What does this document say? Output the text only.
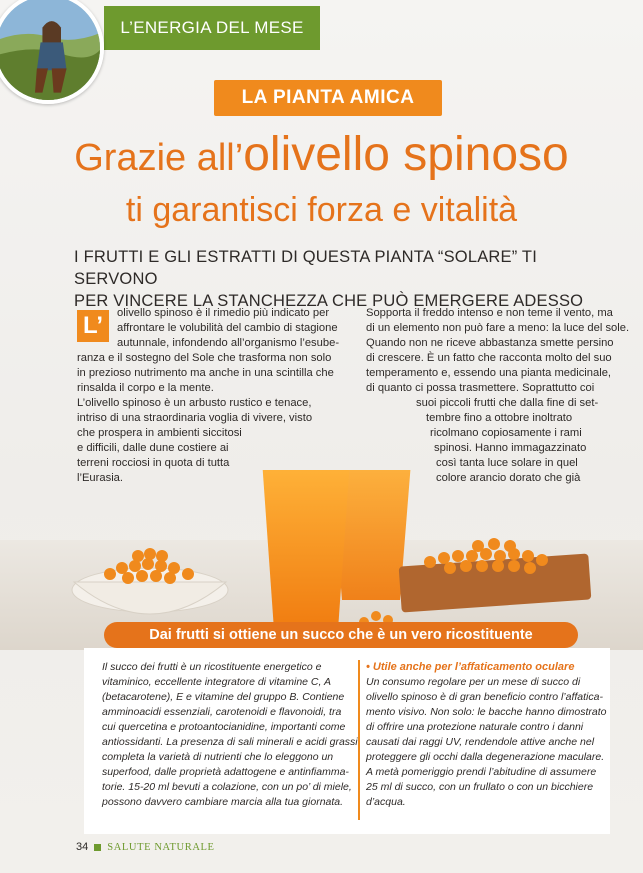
L’ENERGIA DEL MESE
LA PIANTA AMICA
Grazie all’olivello spinoso
ti garantisci forza e vitalità
I FRUTTI E GLI ESTRATTI DI QUESTA PIANTA “SOLARE” TI SERVONO
PER VINCERE LA STANCHEZZA CHE PUÒ EMERGERE ADESSO
L’	olivello spinoso è il rimedio più indicato per
affrontare le volubilità del cambio di stagione
autunnale, infondendo all’organismo l’esube-
ranza e il sostegno del Sole che trasforma non solo
in prezioso nutrimento ma anche in una scintilla che
rinsalda il corpo e la mente.
L’olivello spinoso è un arbusto rustico e tenace,
intriso di una straordinaria voglia di vivere, visto
che prospera in ambienti siccitosi
e difficili, dalle dune costiere ai
terreni rocciosi in quota di tutta
l’Eurasia.
Sopporta il freddo intenso e non teme il vento, ma
di un elemento non può fare a meno: la luce del sole.
Quando non ne riceve abbastanza smette persino
di crescere. È un fatto che racconta molto del suo
temperamento e, essendo una pianta medicinale,
di quanto ci possa trasmettere. Soprattutto coi
suoi piccoli frutti che dalla fine di set-
tembre fino a ottobre inoltrato
ricolmano copiosamente i rami
spinosi. Hanno immagazzinato
così tanta luce solare in quel
colore arancio dorato che già
Dai frutti si ottiene un succo che è un vero ricostituente
Il succo dei frutti è un ricostituente energetico e
vitaminico, eccellente integratore di vitamine C, A
(betacarotene), E e vitamine del gruppo B. Contiene
amminoacidi essenziali, carotenoidi e flavonoidi, tra
cui quercetina e protoantocianidine, importanti come
antiossidanti. La presenza di sali minerali e acidi grassi
completa la varietà di nutrienti che lo eleggono un
superfood, dalle proprietà adattogene e antinfiamma-
torie. 15-20 ml bevuti a colazione, con un po’ di miele,
possono davvero cambiare marcia alla tua giornata.
• Utile anche per l’affaticamento oculare
Un consumo regolare per un mese di succo di
olivello spinoso è di gran beneficio contro l’affatica-
mento visivo. Non solo: le bacche hanno dimostrato
di offrire una protezione naturale contro i danni
causati dai raggi UV, rendendole attive anche nel
proteggere gli occhi dalla degenerazione maculare.
A metà pomeriggio prendi l’abitudine di assumere
25 ml di succo, con un frullato o con un bicchiere
d’acqua.
34 SALUTE NATURALE
